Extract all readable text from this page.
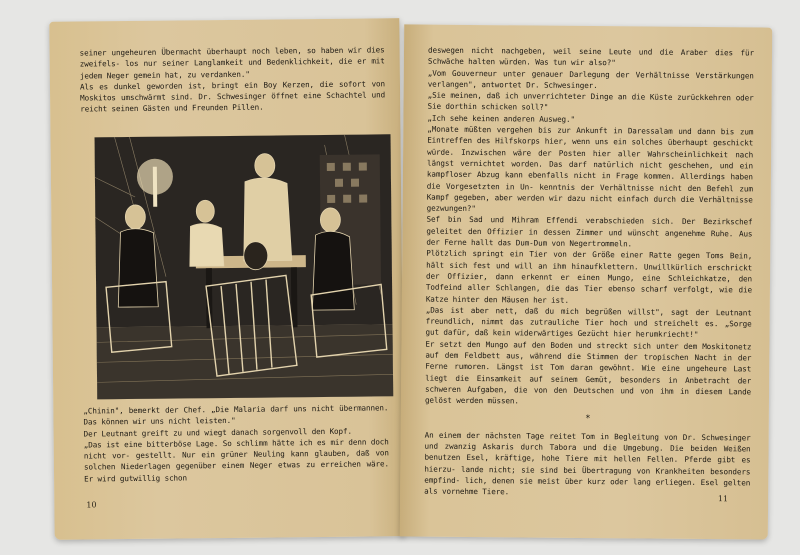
seiner ungeheuren Übermacht überhaupt noch leben, so haben wir dies zweifels- los nur seiner Langlamkeit und Bedenklichkeit, die er mit jedem Neger gemein hat, zu verdanken."

Als es dunkel geworden ist, bringt ein Boy Kerzen, die sofort von Moskitos umschwärmt sind. Dr. Schwesinger öffnet eine Schachtel und reicht seinen Gästen und Freunden Pillen.

„Chinin", bemerkt der Chef. „Die Malaria darf uns nicht übermannen. Das können wir uns nicht leisten."

Der Leutnant greift zu und wiegt danach sorgenvoll den Kopf.

„Das ist eine bitterböse Lage. So schlimm hätte ich es mir denn doch nicht vor- gestellt. Nur ein grüner Neuling kann glauben, daß von solchen Niederlagen gegenüber einem Neger etwas zu erreichen wäre. Er wird gutwillig schon

10

deswegen nicht nachgeben, weil seine Leute und die Araber dies für Schwäche halten würden. Was tun wir also?"

„Vom Gouverneur unter genauer Darlegung der Verhältnisse Verstärkungen verlangen", antwortet Dr. Schwesinger.

„Sie meinen, daß ich unverrichteter Dinge an die Küste zurückkehren oder Sie dorthin schicken soll?"

„Ich sehe keinen anderen Ausweg."

„Monate müßten vergehen bis zur Ankunft in Daressalam und dann bis zum Eintreffen des Hilfskorps hier, wenn uns ein solches überhaupt geschickt würde. Inzwischen wäre der Posten hier aller Wahrscheinlichkeit nach längst vernichtet worden. Das darf natürlich nicht geschehen, und ein kampfloser Abzug kann ebenfalls nicht in Frage kommen. Allerdings haben die Vorgesetzten in Un- kenntnis der Verhältnisse nicht den Befehl zum Kampf gegeben, aber werden wir dazu nicht einfach durch die Verhältnisse gezwungen?"

Sef bin Sad und Mihram Effendi verabschieden sich. Der Bezirkschef geleitet den Offizier in dessen Zimmer und wünscht angenehme Ruhe. Aus der Ferne hallt das Dum-Dum von Negertrommeln.

Plötzlich springt ein Tier von der Größe einer Ratte gegen Toms Bein, hält sich fest und will an ihm hinaufklettern. Unwillkürlich erschrickt der Offizier, dann erkennt er einen Mungo, eine Schleichkatze, den Todfeind aller Schlangen, die das Tier ebenso scharf verfolgt, wie die Katze hinter den Mäusen her ist.

„Das ist aber nett, daß du mich begrüßen willst", sagt der Leutnant freundlich, nimmt das zutrauliche Tier hoch und streichelt es. „Sorge gut dafür, daß kein widerwärtiges Gezücht hier herumkriecht!"

Er setzt den Mungo auf den Boden und streckt sich unter dem Moskitonetz auf dem Feldbett aus, während die Stimmen der tropischen Nacht in der Ferne rumoren. Längst ist Tom daran gewöhnt. Wie eine ungeheure Last liegt die Einsamkeit auf seinem Gemüt, besonders in Anbetracht der schweren Aufgaben, die von den Deutschen und von ihm in diesem Lande gelöst werden müssen.

*

An einem der nächsten Tage reitet Tom in Begleitung von Dr. Schwesinger und zwanzig Askaris durch Tabora und die Umgebung. Die beiden Weißen benutzen Esel, kräftige, hohe Tiere mit hellen Fellen. Pferde gibt es hierzu- lande nicht; sie sind bei Übertragung von Krankheiten besonders empfind- lich, denen sie meist über kurz oder lang erliegen. Esel gelten als vornehme Tiere.

11
